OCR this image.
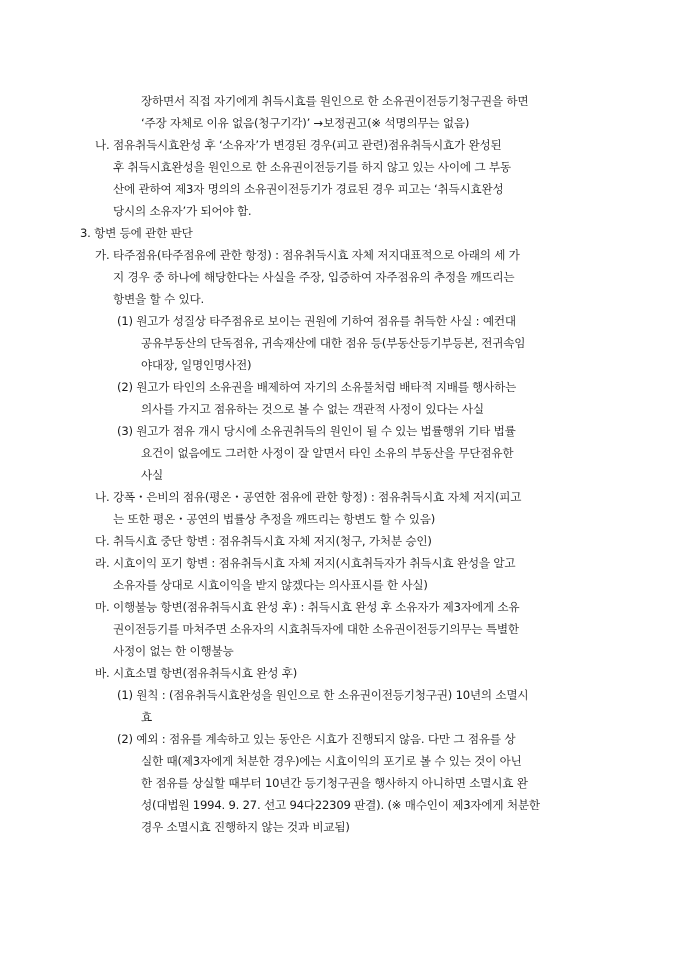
장하면서 직접 자기에게 취득시효를 원인으로 한 소유권이전등기청구권을 하면

‘주장 자체로 이유 없음(청구기각)’ →보정권고(※ 석명의무는 없음)

나. 점유취득시효완성 후 ‘소유자’가 변경된 경우(피고 관련)점유취득시효가 완성된

후 취득시효완성을 원인으로 한 소유권이전등기를 하지 않고 있는 사이에 그 부동

산에 관하여 제3자 명의의 소유권이전등기가 경료된 경우 피고는 ‘취득시효완성

당시의 소유자’가 되어야 함.

3. 항변 등에 관한 판단

가. 타주점유(타주점유에 관한 항정) : 점유취득시효 자체 저지대표적으로 아래의 세 가

지 경우 중 하나에 해당한다는 사실을 주장, 입증하여 자주점유의 추정을 깨뜨리는

항변을 할 수 있다.

(1) 원고가 성질상 타주점유로 보이는 권원에 기하여 점유를 취득한 사실 : 예컨대

공유부동산의 단독점유, 귀속재산에 대한 점유 등(부동산등기부등본, 전귀속임

야대장, 일명인명사전)

(2) 원고가 타인의 소유권을 배제하여 자기의 소유물처럼 배타적 지배를 행사하는

의사를 가지고 점유하는 것으로 볼 수 없는 객관적 사정이 있다는 사실

(3) 원고가 점유 개시 당시에 소유권취득의 원인이 될 수 있는 법률행위 기타 법률

요건이 없음에도 그러한 사정이 잘 알면서 타인 소유의 부동산을 무단점유한

사실

나. 강폭・은비의 점유(평온・공연한 점유에 관한 항정) : 점유취득시효 자체 저지(피고

는 또한 평온・공연의 법률상 추정을 깨뜨리는 항변도 할 수 있음)

다. 취득시효 중단 항변 : 점유취득시효 자체 저지(청구, 가처분 승인)

라. 시효이익 포기 항변 : 점유취득시효 자체 저지(시효취득자가 취득시효 완성을 알고

소유자를 상대로 시효이익을 받지 않겠다는 의사표시를 한 사실)

마. 이행불능 항변(점유취득시효 완성 후) : 취득시효 완성 후 소유자가 제3자에게 소유

권이전등기를 마쳐주면 소유자의 시효취득자에 대한 소유권이전등기의무는 특별한

사정이 없는 한 이행불능

바. 시효소멸 항변(점유취득시효 완성 후)

(1) 원칙 : (점유취득시효완성을 원인으로 한 소유권이전등기청구권) 10년의 소멸시

효

(2) 예외 : 점유를 계속하고 있는 동안은 시효가 진행되지 않음. 다만 그 점유를 상

실한 때(제3자에게 처분한 경우)에는 시효이익의 포기로 볼 수 있는 것이 아닌

한 점유를 상실할 때부터 10년간 등기청구권을 행사하지 아니하면 소멸시효 완

성(대법원 1994. 9. 27. 선고 94다22309 판결). (※ 매수인이 제3자에게 처분한

경우 소멸시효 진행하지 않는 것과 비교됨)
